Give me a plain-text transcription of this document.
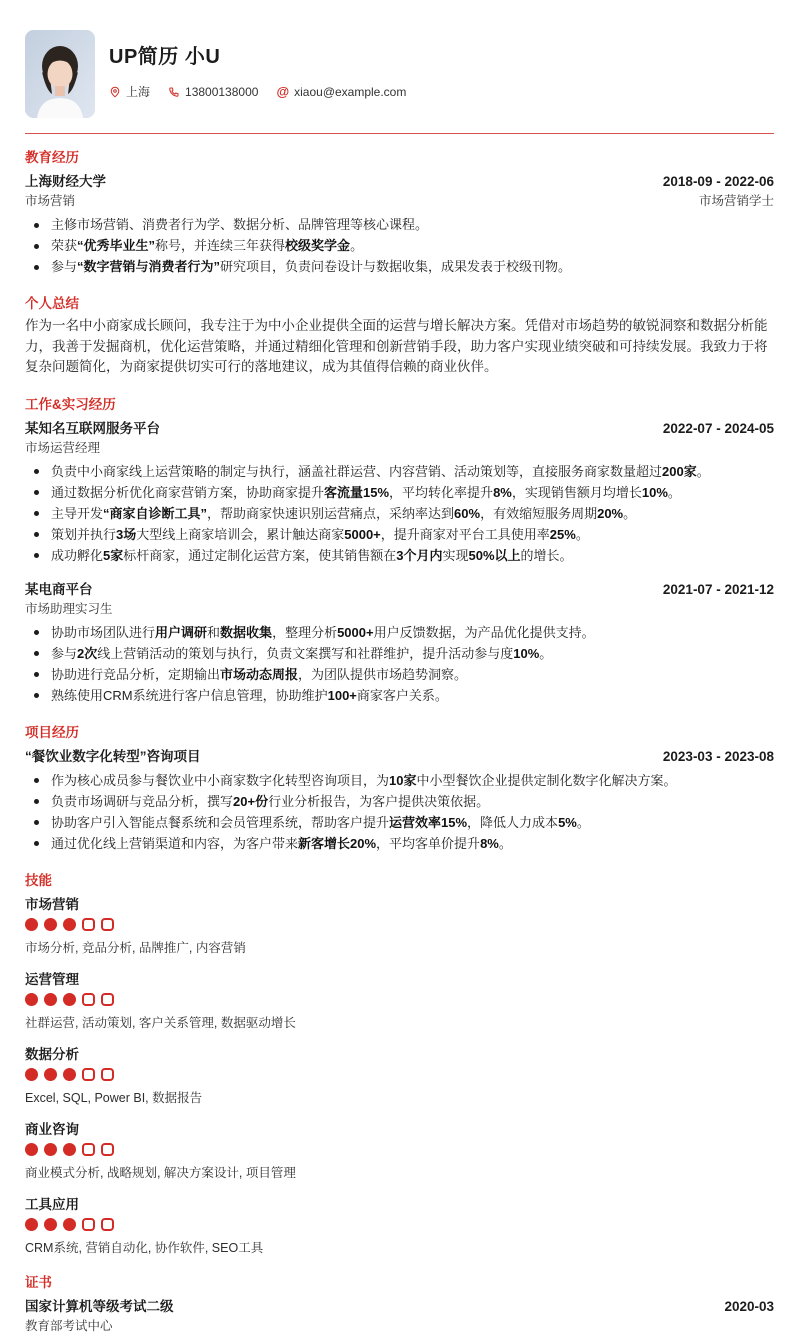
UP简历 小U
上海	13800138000 @ xiaou@example.com
教育经历
上海财经大学	2018-09 - 2022-06
市场营销	市场营销学士
主修市场营销、消费者行为学、数据分析、品牌管理等核心课程。
荣获“优秀毕业生”称号，并连续三年获得校级奖学金。
参与“数字营销与消费者行为”研究项目，负责问卷设计与数据收集，成果发表于校级刊物。
个人总结

作为一名中小商家成长顾问，我专注于为中小企业提供全面的运营与增长解决方案。凭借对市场趋势的敏锐洞察和数据分析能力，我善于发掘商机，优化运营策略，并通过精细化管理和创新营销手段，助力客户实现业绩突破和可持续发展。我致力于将复杂问题简化，为商家提供切实可行的落地建议，成为其值得信赖的商业伙伴。

工作&实习经历
某知名互联网服务平台	2022-07 - 2024-05
市场运营经理
负责中小商家线上运营策略的制定与执行，涵盖社群运营、内容营销、活动策划等，直接服务商家数量超过200家。
通过数据分析优化商家营销方案，协助商家提升客流量15%，平均转化率提升8%，实现销售额月均增长10%。
主导开发“商家自诊断工具”，帮助商家快速识别运营痛点，采纳率达到60%，有效缩短服务周期20%。
策划并执行3场大型线上商家培训会，累计触达商家5000+，提升商家对平台工具使用率25%。
成功孵化5家标杆商家，通过定制化运营方案，使其销售额在3个月内实现50%以上的增长。
某电商平台	2021-07 - 2021-12
市场助理实习生
协助市场团队进行用户调研和数据收集，整理分析5000+用户反馈数据，为产品优化提供支持。
参与2次线上营销活动的策划与执行，负责文案撰写和社群维护，提升活动参与度10%。
协助进行竞品分析，定期输出市场动态周报，为团队提供市场趋势洞察。
熟练使用CRM系统进行客户信息管理，协助维护100+商家客户关系。
项目经历
“餐饮业数字化转型”咨询项目	2023-03 - 2023-08
作为核心成员参与餐饮业中小商家数字化转型咨询项目，为10家中小型餐饮企业提供定制化数字化解决方案。
负责市场调研与竞品分析，撰写20+份行业分析报告，为客户提供决策依据。
协助客户引入智能点餐系统和会员管理系统，帮助客户提升运营效率15%，降低人力成本5%。
通过优化线上营销渠道和内容，为客户带来新客增长20%，平均客单价提升8%。
技能
市场营销
市场分析, 竞品分析, 品牌推广, 内容营销
运营管理
社群运营, 活动策划, 客户关系管理, 数据驱动增长
数据分析
Excel, SQL, Power BI, 数据报告
商业咨询
商业模式分析, 战略规划, 解决方案设计, 项目管理
工具应用
CRM系统, 营销自动化, 协作软件, SEO工具
证书
国家计算机等级考试二级	2020-03
教育部考试中心
